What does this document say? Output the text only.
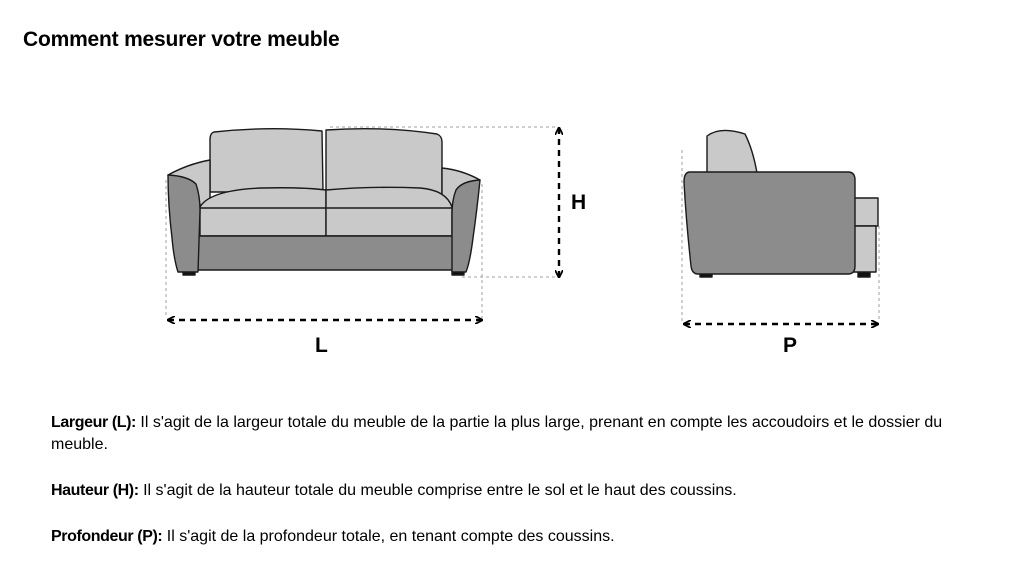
Comment mesurer votre meuble
L
H
P

Largeur (L): Il s'agit de la largeur totale du meuble de la partie la plus large, prenant en compte les accoudoirs et le dossier du meuble.

Hauteur (H): Il s'agit de la hauteur totale du meuble comprise entre le sol et le haut des coussins.

Profondeur (P): Il s'agit de la profondeur totale, en tenant compte des coussins.
